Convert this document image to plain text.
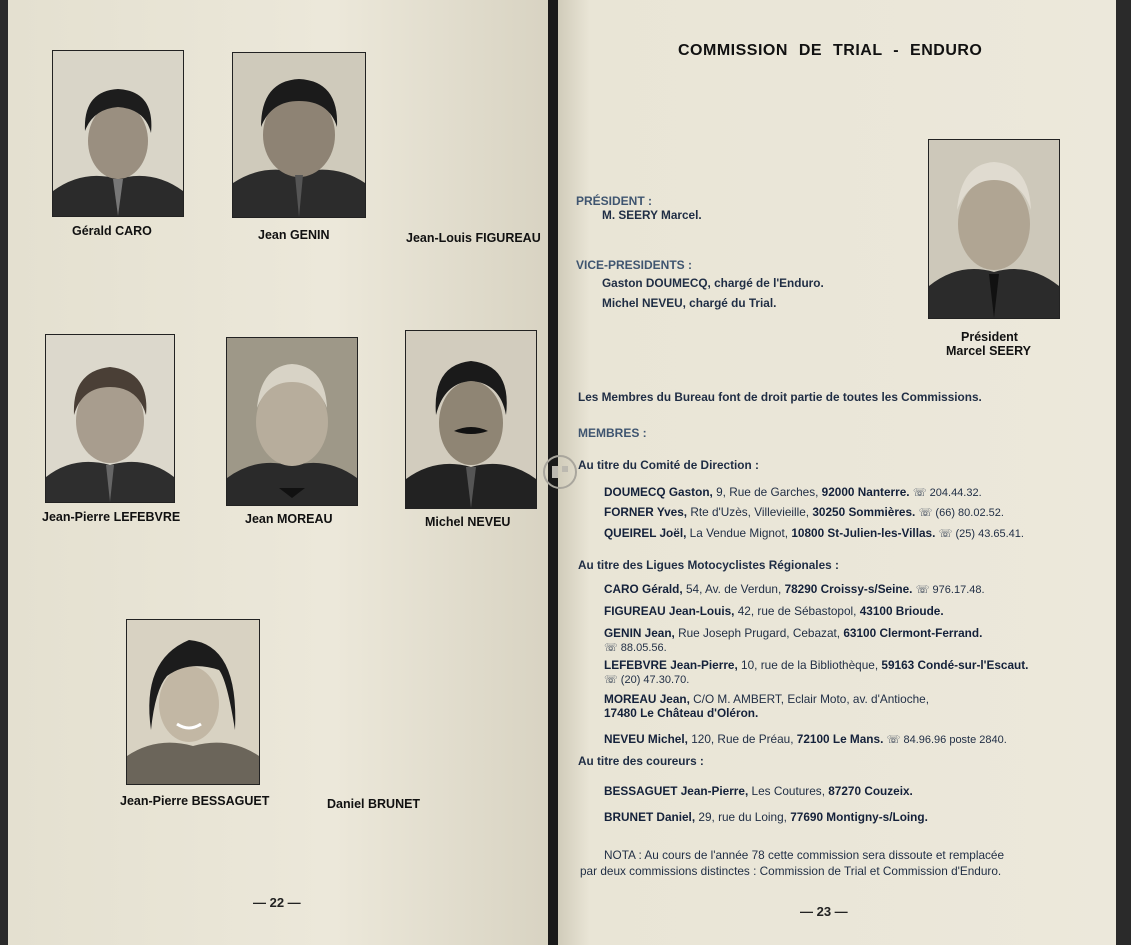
Gérald CARO	Jean GENIN	Jean-Louis FIGUREAU
Jean-Pierre LEFEBVRE	Jean MOREAU	Michel NEVEU
Jean-Pierre BESSAGUET	Daniel BRUNET
— 22 —
COMMISSION DE TRIAL - ENDURO
Président
Marcel SEERY
PRÉSIDENT :
M. SEERY Marcel.
VICE-PRESIDENTS :
Gaston DOUMECQ, chargé de l'Enduro.
Michel NEVEU, chargé du Trial.
Les Membres du Bureau font de droit partie de toutes les Commissions.
MEMBRES :
Au titre du Comité de Direction :
DOUMECQ Gaston, 9, Rue de Garches, 92000 Nanterre. ☏ 204.44.32.
FORNER Yves, Rte d'Uzès, Villevieille, 30250 Sommières. ☏ (66) 80.02.52.
QUEIREL Joël, La Vendue Mignot, 10800 St-Julien-les-Villas. ☏ (25) 43.65.41.
Au titre des Ligues Motocyclistes Régionales :
CARO Gérald, 54, Av. de Verdun, 78290 Croissy-s/Seine. ☏ 976.17.48.
FIGUREAU Jean-Louis, 42, rue de Sébastopol, 43100 Brioude.
GENIN Jean, Rue Joseph Prugard, Cebazat, 63100 Clermont-Ferrand.
☏ 88.05.56.
LEFEBVRE Jean-Pierre, 10, rue de la Bibliothèque, 59163 Condé-sur-l'Escaut.
☏ (20) 47.30.70.
MOREAU Jean, C/O M. AMBERT, Eclair Moto, av. d'Antioche,
17480 Le Château d'Oléron.
NEVEU Michel, 120, Rue de Préau, 72100 Le Mans. ☏ 84.96.96 poste 2840.
Au titre des coureurs :
BESSAGUET Jean-Pierre, Les Coutures, 87270 Couzeix.
BRUNET Daniel, 29, rue du Loing, 77690 Montigny-s/Loing.
NOTA : Au cours de l'année 78 cette commission sera dissoute et remplacée
par deux commissions distinctes : Commission de Trial et Commission d'Enduro.
— 23 —
